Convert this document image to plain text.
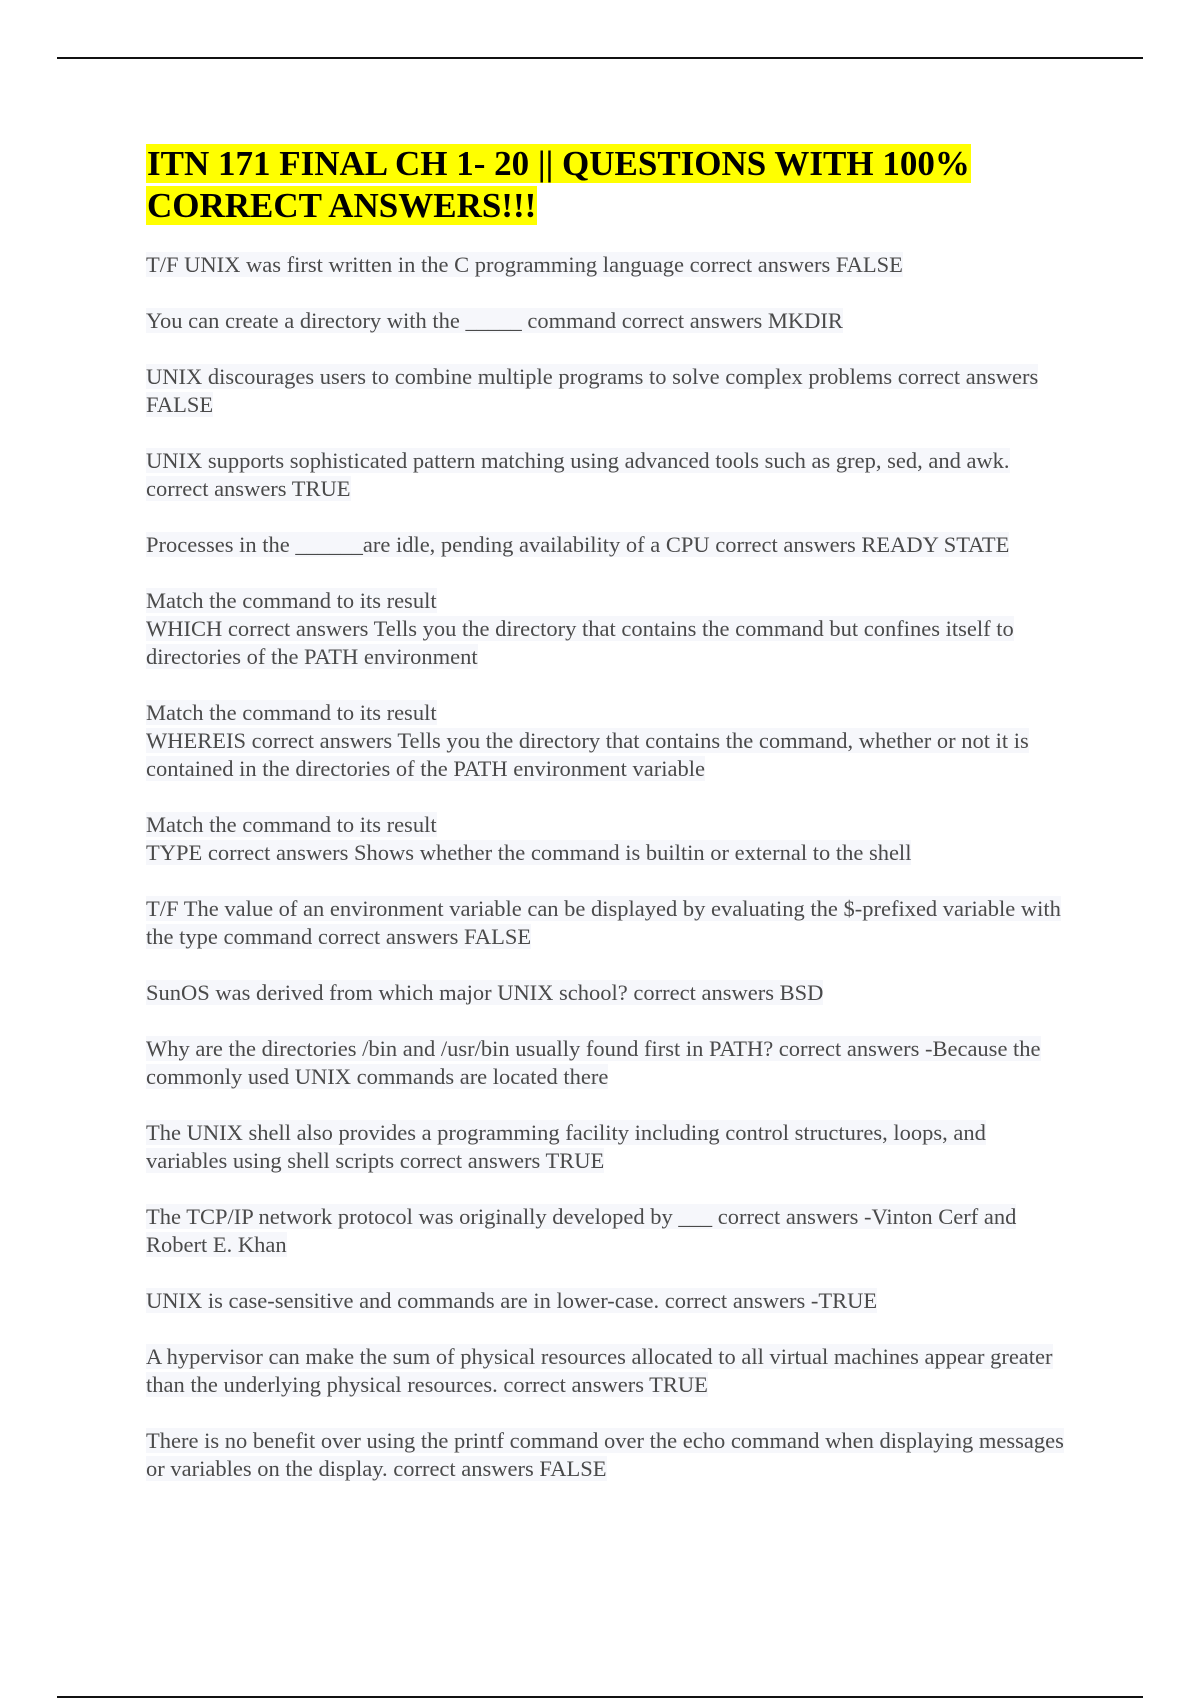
ITN 171 FINAL CH 1- 20 || QUESTIONS WITH 100% CORRECT ANSWERS!!!
T/F UNIX was first written in the C programming language correct answers FALSE
You can create a directory with the _____ command correct answers MKDIR
UNIX discourages users to combine multiple programs to solve complex problems correct answers FALSE
UNIX supports sophisticated pattern matching using advanced tools such as grep, sed, and awk. correct answers TRUE
Processes in the ______are idle, pending availability of a CPU correct answers READY STATE
Match the command to its result
WHICH correct answers Tells you the directory that contains the command but confines itself to directories of the PATH environment
Match the command to its result
WHEREIS correct answers Tells you the directory that contains the command, whether or not it is contained in the directories of the PATH environment variable
Match the command to its result
TYPE correct answers Shows whether the command is builtin or external to the shell
T/F The value of an environment variable can be displayed by evaluating the $-prefixed variable with the type command correct answers FALSE
SunOS was derived from which major UNIX school? correct answers BSD
Why are the directories /bin and /usr/bin usually found first in PATH? correct answers -Because the commonly used UNIX commands are located there
The UNIX shell also provides a programming facility including control structures, loops, and variables using shell scripts correct answers TRUE
The TCP/IP network protocol was originally developed by ___ correct answers -Vinton Cerf and Robert E. Khan
UNIX is case-sensitive and commands are in lower-case. correct answers -TRUE
A hypervisor can make the sum of physical resources allocated to all virtual machines appear greater than the underlying physical resources. correct answers TRUE
There is no benefit over using the printf command over the echo command when displaying messages or variables on the display. correct answers FALSE
